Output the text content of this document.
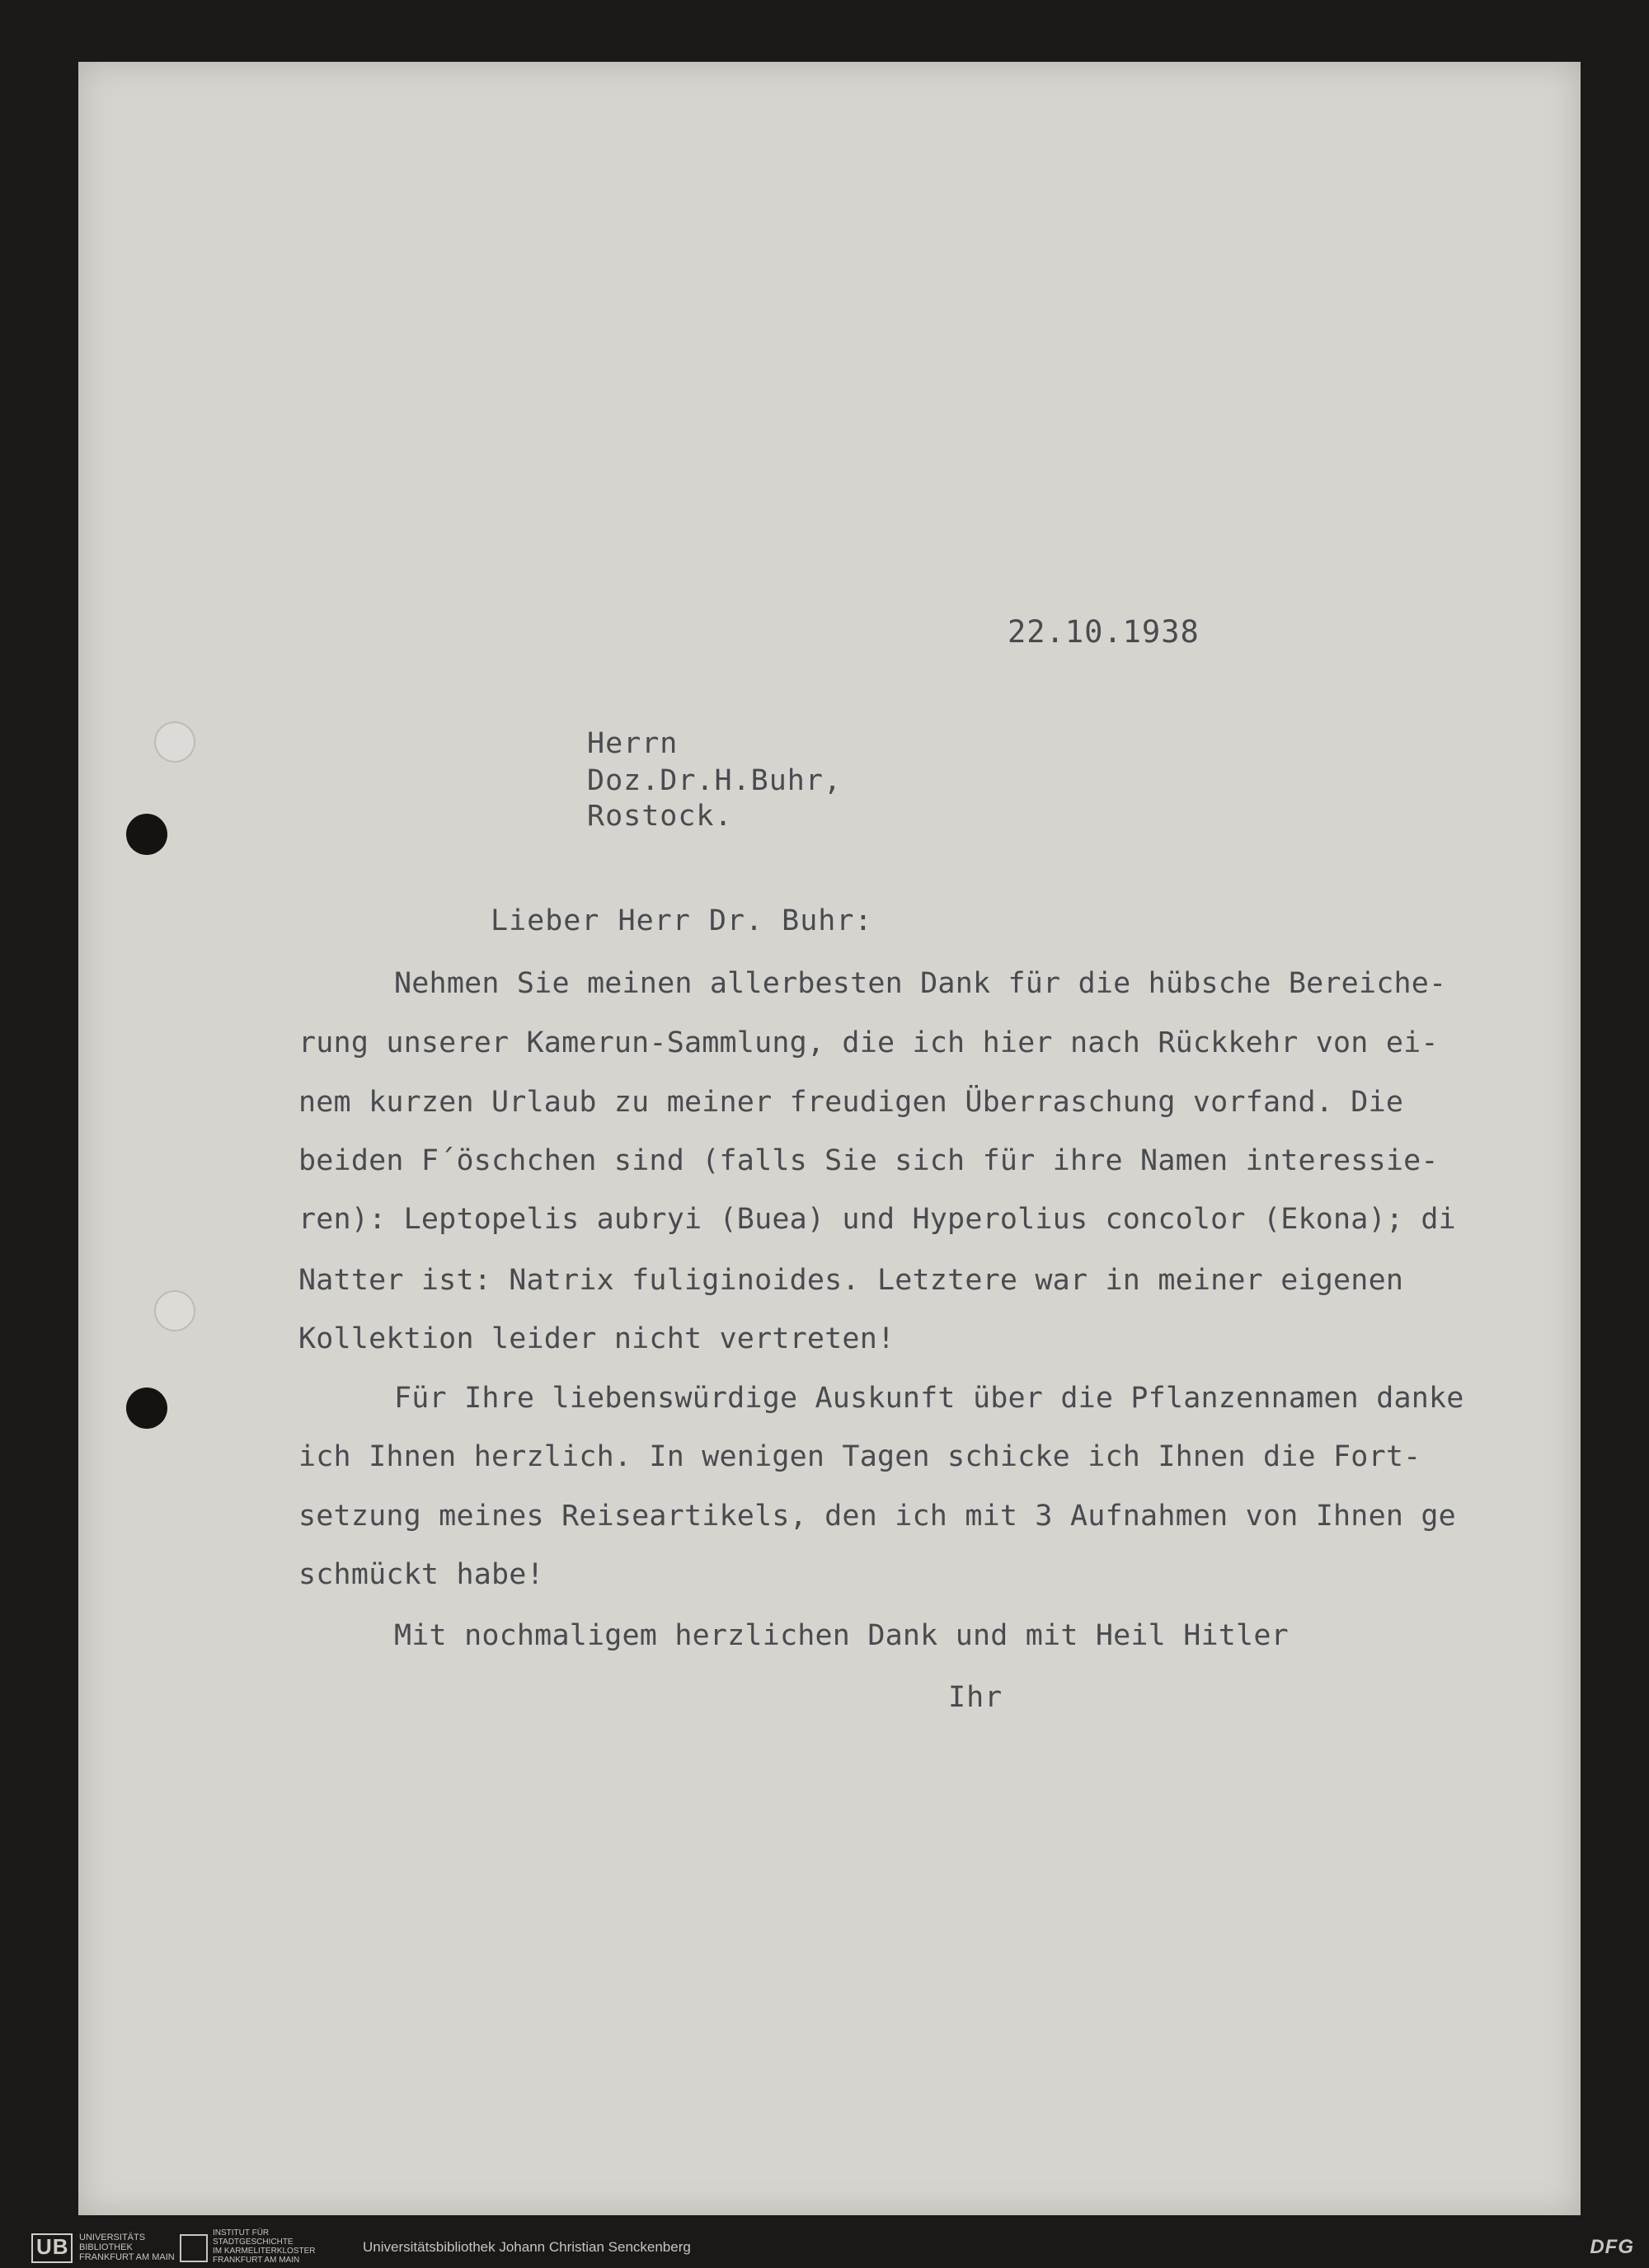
22.10.1938
Herrn
Doz.Dr.H.Buhr,
Rostock.
Lieber Herr Dr. Buhr:
Nehmen Sie meinen allerbesten Dank für die hübsche Bereiche-
rung unserer Kamerun-Sammlung, die ich hier nach Rückkehr von ei-
nem kurzen Urlaub zu meiner freudigen Überraschung vorfand. Die
beiden F´öschchen sind (falls Sie sich für ihre Namen interessie-
ren): Leptopelis aubryi (Buea) und Hyperolius concolor (Ekona); di
Natter ist: Natrix fuliginoides. Letztere war in meiner eigenen
Kollektion leider nicht vertreten!
Für Ihre liebenswürdige Auskunft über die Pflanzennamen danke
ich Ihnen herzlich. In wenigen Tagen schicke ich Ihnen die Fort-
setzung meines Reiseartikels, den ich mit 3 Aufnahmen von Ihnen ge
schmückt habe!
Mit nochmaligem herzlichen Dank und mit Heil Hitler
Ihr
UB UNIVERSITÄTS
BIBLIOTHEK
FRANKFURT AM MAIN
INSTITUT FÜR
STADTGESCHICHTE
IM KARMELITERKLOSTER
FRANKFURT AM MAIN
Universitätsbibliothek Johann Christian Senckenberg	DFG
